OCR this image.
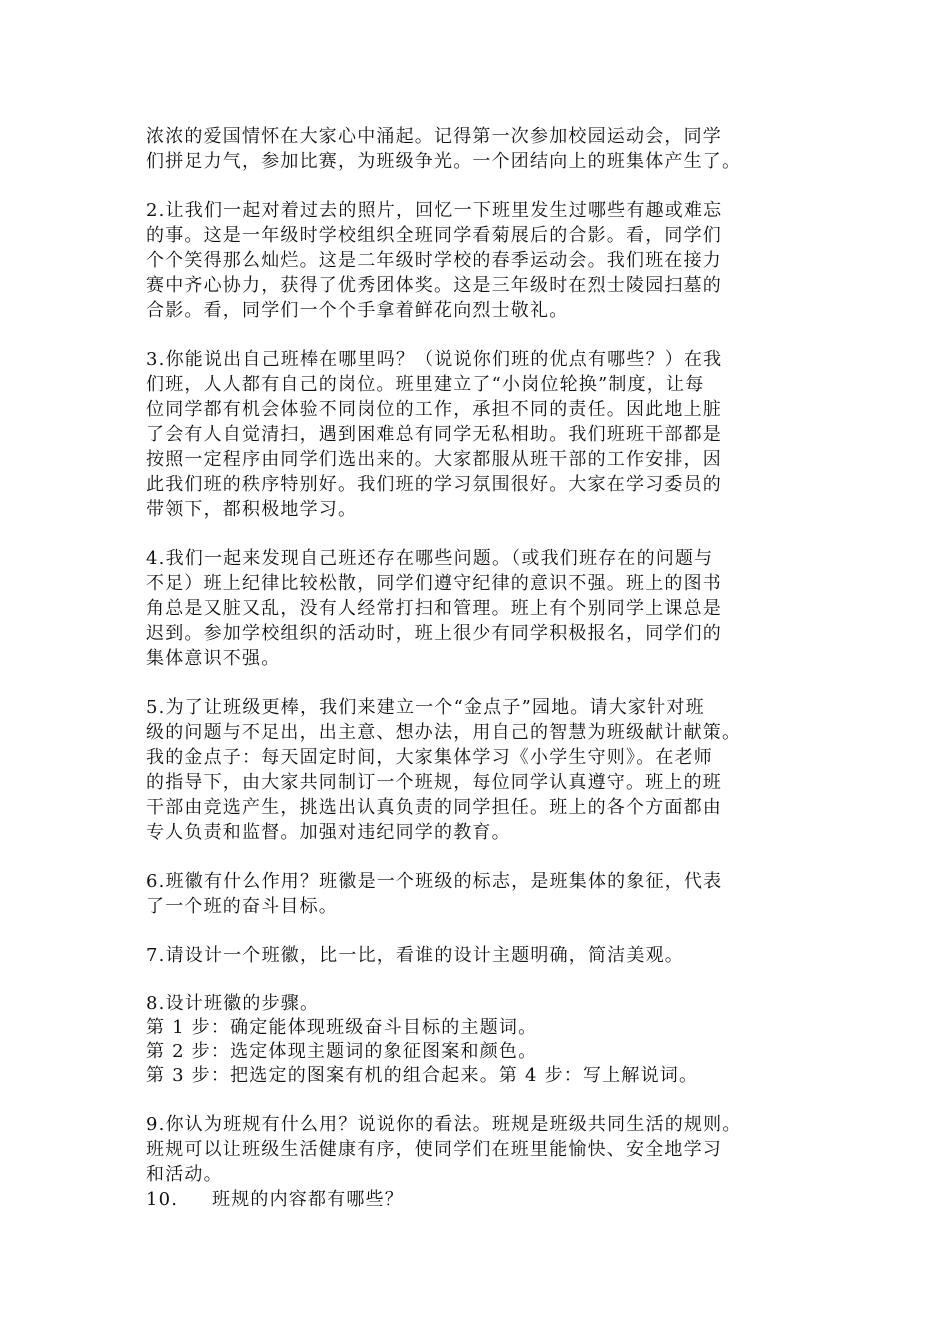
浓浓的爱国情怀在大家心中涌起。记得第一次参加校园运动会，同学
们拼足力气，参加比赛，为班级争光。一个团结向上的班集体产生了。
2.让我们一起对着过去的照片，回忆一下班里发生过哪些有趣或难忘
的事。这是一年级时学校组织全班同学看菊展后的合影。看，同学们
个个笑得那么灿烂。这是二年级时学校的春季运动会。我们班在接力
赛中齐心协力，获得了优秀团体奖。这是三年级时在烈士陵园扫墓的
合影。看，同学们一个个手拿着鲜花向烈士敬礼。
3.你能说出自己班棒在哪里吗？（说说你们班的优点有哪些？）在我
们班，人人都有自己的岗位。班里建立了“小岗位轮换”制度，让每
位同学都有机会体验不同岗位的工作，承担不同的责任。因此地上脏
了会有人自觉清扫，遇到困难总有同学无私相助。我们班班干部都是
按照一定程序由同学们选出来的。大家都服从班干部的工作安排，因
此我们班的秩序特别好。我们班的学习氛围很好。大家在学习委员的
带领下，都积极地学习。
4.我们一起来发现自己班还存在哪些问题。（或我们班存在的问题与
不足）班上纪律比较松散，同学们遵守纪律的意识不强。班上的图书
角总是又脏又乱，没有人经常打扫和管理。班上有个别同学上课总是
迟到。参加学校组织的活动时，班上很少有同学积极报名，同学们的
集体意识不强。
5.为了让班级更棒，我们来建立一个“金点子”园地。请大家针对班
级的问题与不足出，出主意、想办法，用自己的智慧为班级献计献策。
我的金点子：每天固定时间，大家集体学习《小学生守则》。在老师
的指导下，由大家共同制订一个班规，每位同学认真遵守。班上的班
干部由竞选产生，挑选出认真负责的同学担任。班上的各个方面都由
专人负责和监督。加强对违纪同学的教育。
6.班徽有什么作用？班徽是一个班级的标志，是班集体的象征，代表
了一个班的奋斗目标。
7.请设计一个班徽，比一比，看谁的设计主题明确，简洁美观。
8.设计班徽的步骤。
第 1 步：确定能体现班级奋斗目标的主题词。
第 2 步：选定体现主题词的象征图案和颜色。
第 3 步：把选定的图案有机的组合起来。第 4 步：写上解说词。
9.你认为班规有什么用？说说你的看法。班规是班级共同生活的规则。
班规可以让班级生活健康有序，使同学们在班里能愉快、安全地学习
和活动。
10. 班规的内容都有哪些？
